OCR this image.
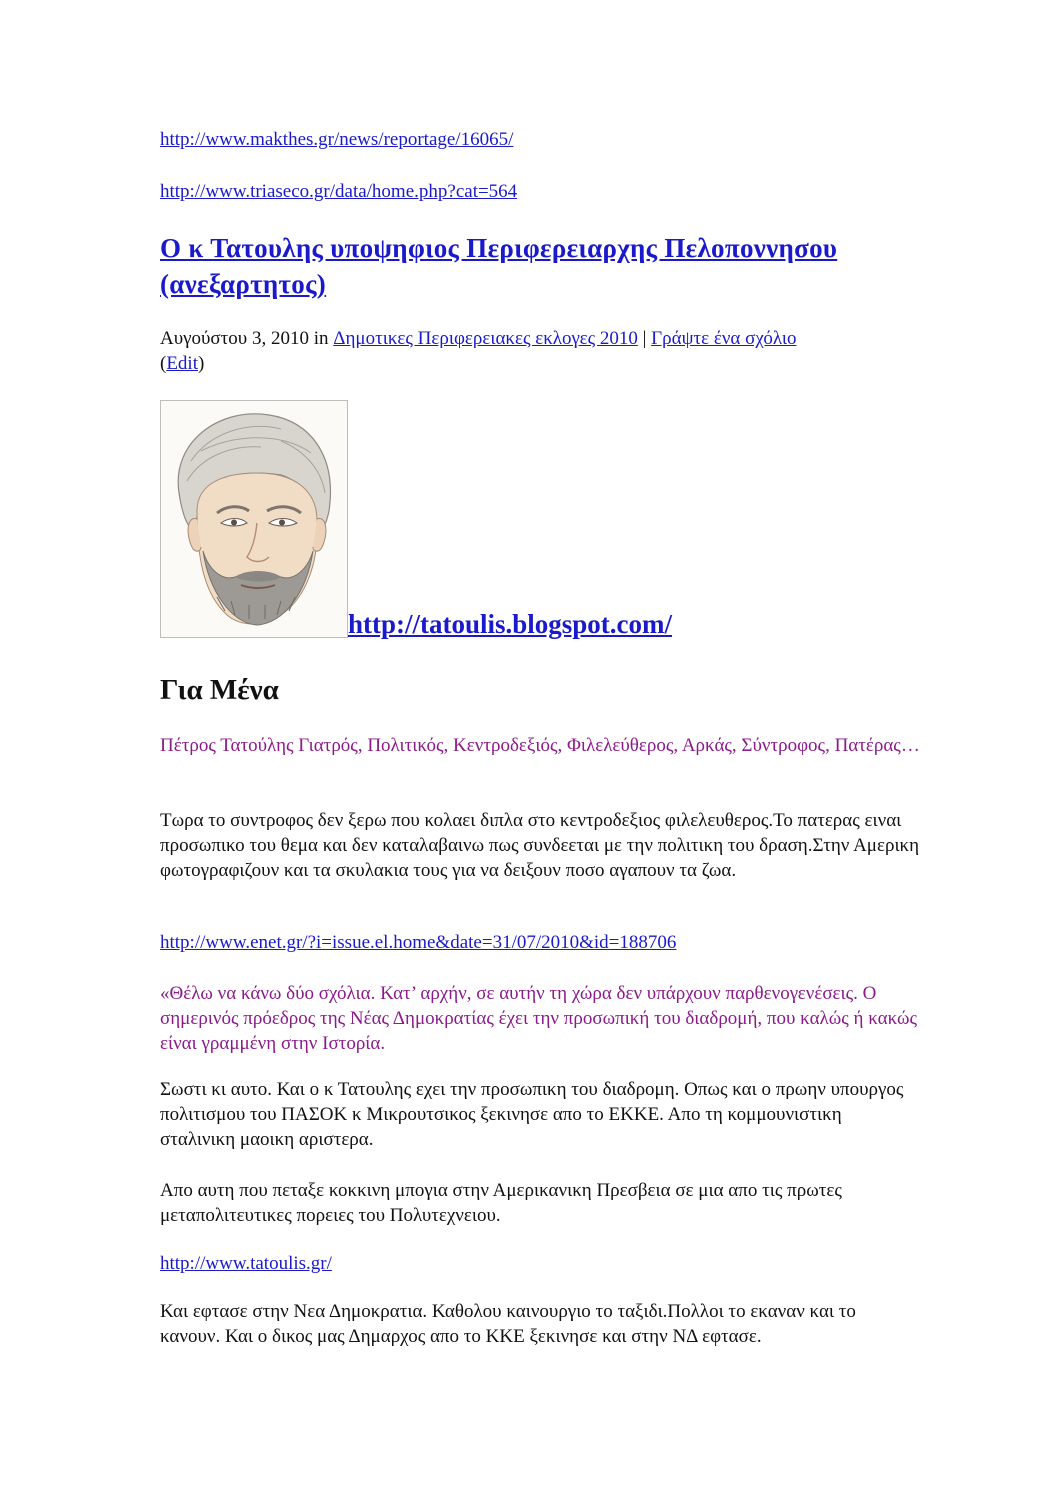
http://www.makthes.gr/news/reportage/16065/

http://www.triaseco.gr/data/home.php?cat=564

Ο κ Τατουλης υποψηφιος Περιφερειαρχης Πελοποννησου (ανεξαρτητος)

Αυγούστου 3, 2010 in Δημοτικες Περιφερειακες εκλογες 2010 | Γράψτε ένα σχόλιο
(Edit)

http://tatoulis.blogspot.com/
Για Μένα

Πέτρος Τατούλης Γιατρός, Πολιτικός, Κεντροδεξιός, Φιλελεύθερος, Αρκάς, Σύντροφος, Πατέρας…

Τωρα το συντροφος δεν ξερω που κολαει διπλα στο κεντροδεξιος φιλελευθερος.Το πατερας ειναι προσωπικο του θεμα και δεν καταλαβαινω πως συνδεεται με την πολιτικη του δραση.Στην Αμερικη φωτογραφιζουν και τα σκυλακια τους για να δειξουν ποσο αγαπουν τα ζωα.

http://www.enet.gr/?i=issue.el.home&date=31/07/2010&id=188706

«Θέλω να κάνω δύο σχόλια. Κατ’ αρχήν, σε αυτήν τη χώρα δεν υπάρχουν παρθενογενέσεις. Ο σημερινός πρόεδρος της Νέας Δημοκρατίας έχει την προσωπική του διαδρομή, που καλώς ή κακώς είναι γραμμένη στην Ιστορία.

Σωστι κι αυτο. Και ο κ Τατουλης εχει την προσωπικη του διαδρομη. Οπως και ο πρωην υπουργος πολιτισμου του ΠΑΣΟΚ κ Μικρουτσικος ξεκινησε απο το ΕΚΚΕ. Απο τη κομμουνιστικη σταλινικη μαοικη αριστερα.

Απο αυτη που πεταξε κοκκινη μπογια στην Αμερικανικη Πρεσβεια σε μια απο τις πρωτες μεταπολιτευτικες πορειες του Πολυτεχνειου.

http://www.tatoulis.gr/

Και εφτασε στην Νεα Δημοκρατια. Καθολου καινουργιο το ταξιδι.Πολλοι το εκαναν και το κανουν. Και ο δικος μας Δημαρχος απο το ΚΚΕ ξεκινησε και στην ΝΔ εφτασε.
